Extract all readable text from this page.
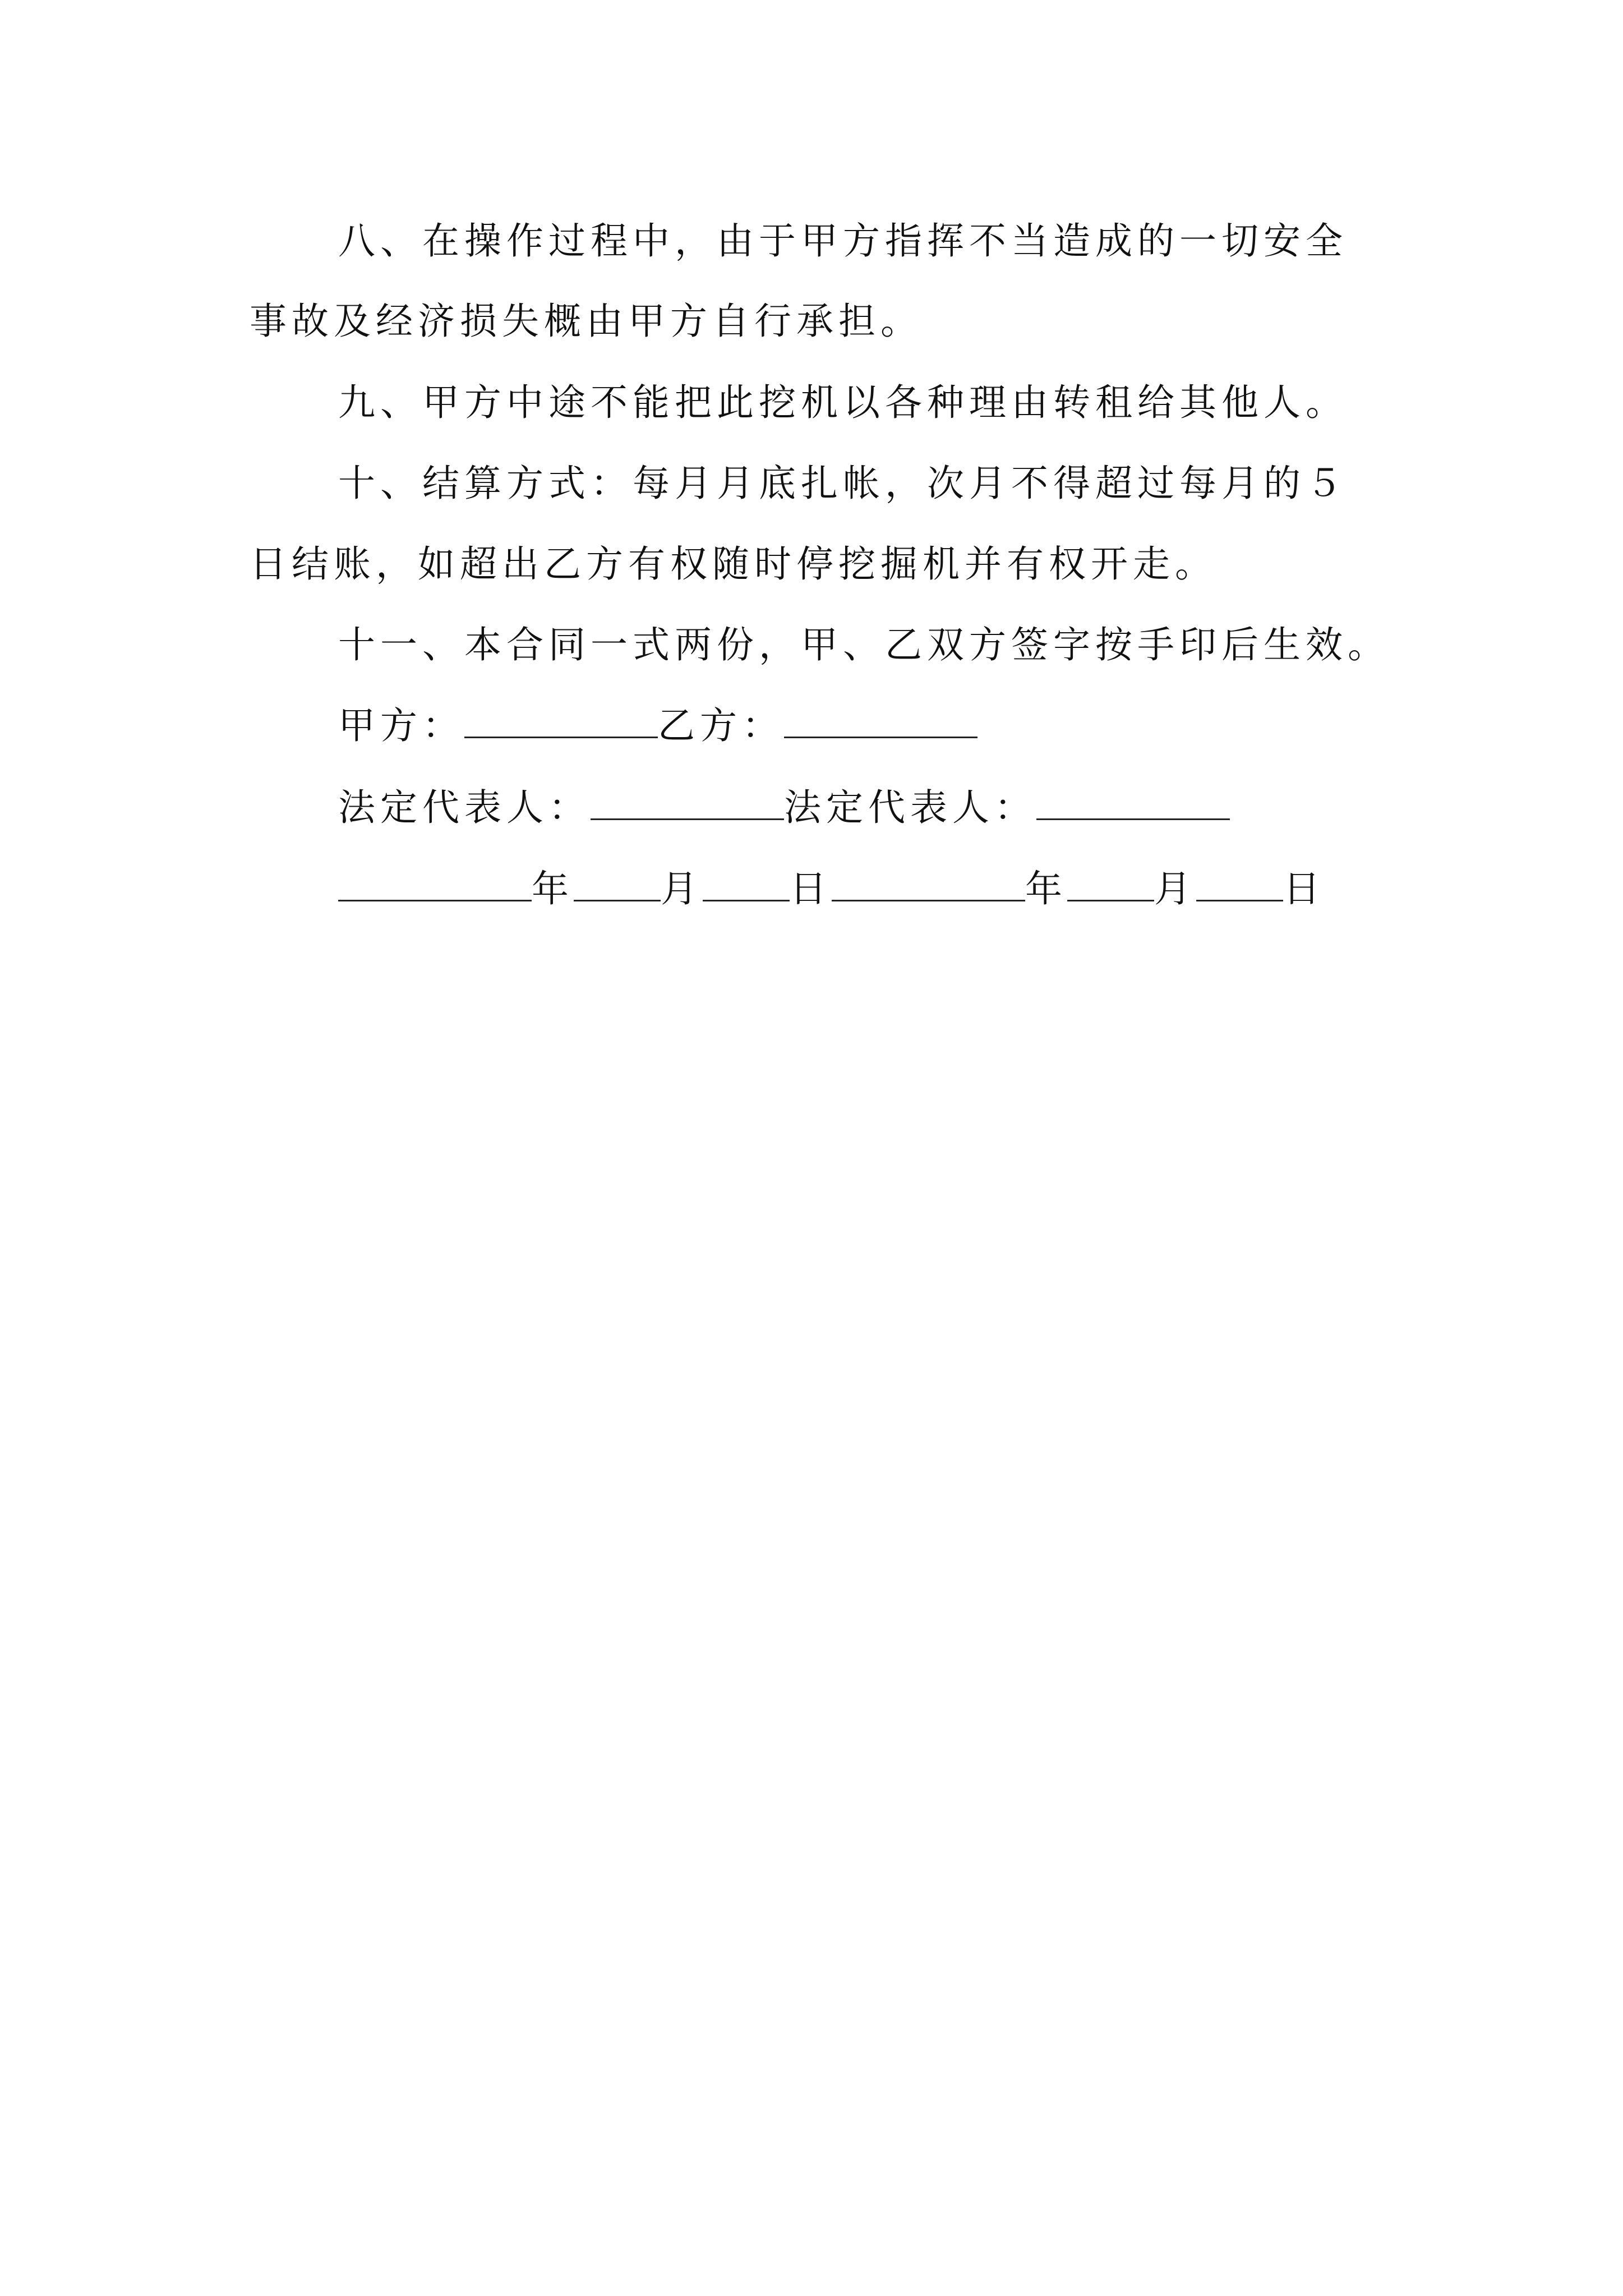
八、在操作过程中，由于甲方指挥不当造成的一切安全
事故及经济损失概由甲方自行承担。
九、甲方中途不能把此挖机以各种理由转租给其他人。
十、结算方式：每月月底扎帐，次月不得超过每月的５
日结账，如超出乙方有权随时停挖掘机并有权开走。
十一、本合同一式两份，甲、乙双方签字按手印后生效。
甲方：	乙方：
法定代表人：	法定代表人：
年 月 日	年 月 日
